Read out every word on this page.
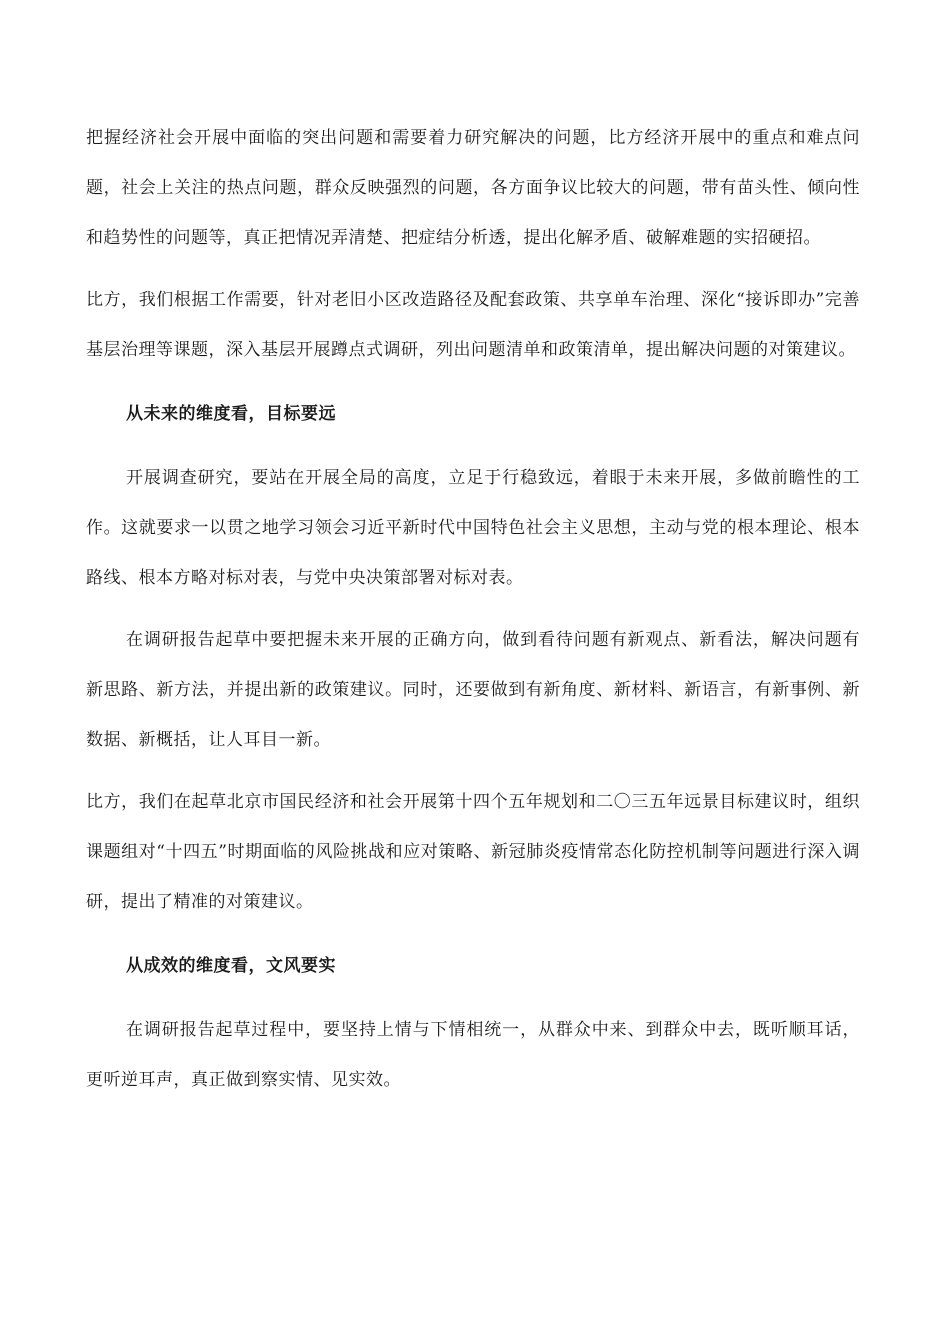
把握经济社会开展中面临的突出问题和需要着力研究解决的问题，比方经济开展中的重点和难点问题，社会上关注的热点问题，群众反映强烈的问题，各方面争议比较大的问题，带有苗头性、倾向性和趋势性的问题等，真正把情况弄清楚、把症结分析透，提出化解矛盾、破解难题的实招硬招。

比方，我们根据工作需要，针对老旧小区改造路径及配套政策、共享单车治理、深化“接诉即办”完善基层治理等课题，深入基层开展蹲点式调研，列出问题清单和政策清单，提出解决问题的对策建议。

从未来的维度看，目标要远

开展调查研究，要站在开展全局的高度，立足于行稳致远，着眼于未来开展，多做前瞻性的工作。这就要求一以贯之地学习领会习近平新时代中国特色社会主义思想，主动与党的根本理论、根本路线、根本方略对标对表，与党中央决策部署对标对表。

在调研报告起草中要把握未来开展的正确方向，做到看待问题有新观点、新看法，解决问题有新思路、新方法，并提出新的政策建议。同时，还要做到有新角度、新材料、新语言，有新事例、新数据、新概括，让人耳目一新。

比方，我们在起草北京市国民经济和社会开展第十四个五年规划和二〇三五年远景目标建议时，组织课题组对“十四五”时期面临的风险挑战和应对策略、新冠肺炎疫情常态化防控机制等问题进行深入调研，提出了精准的对策建议。

从成效的维度看，文风要实

在调研报告起草过程中，要坚持上情与下情相统一，从群众中来、到群众中去，既听顺耳话，更听逆耳声，真正做到察实情、见实效。
